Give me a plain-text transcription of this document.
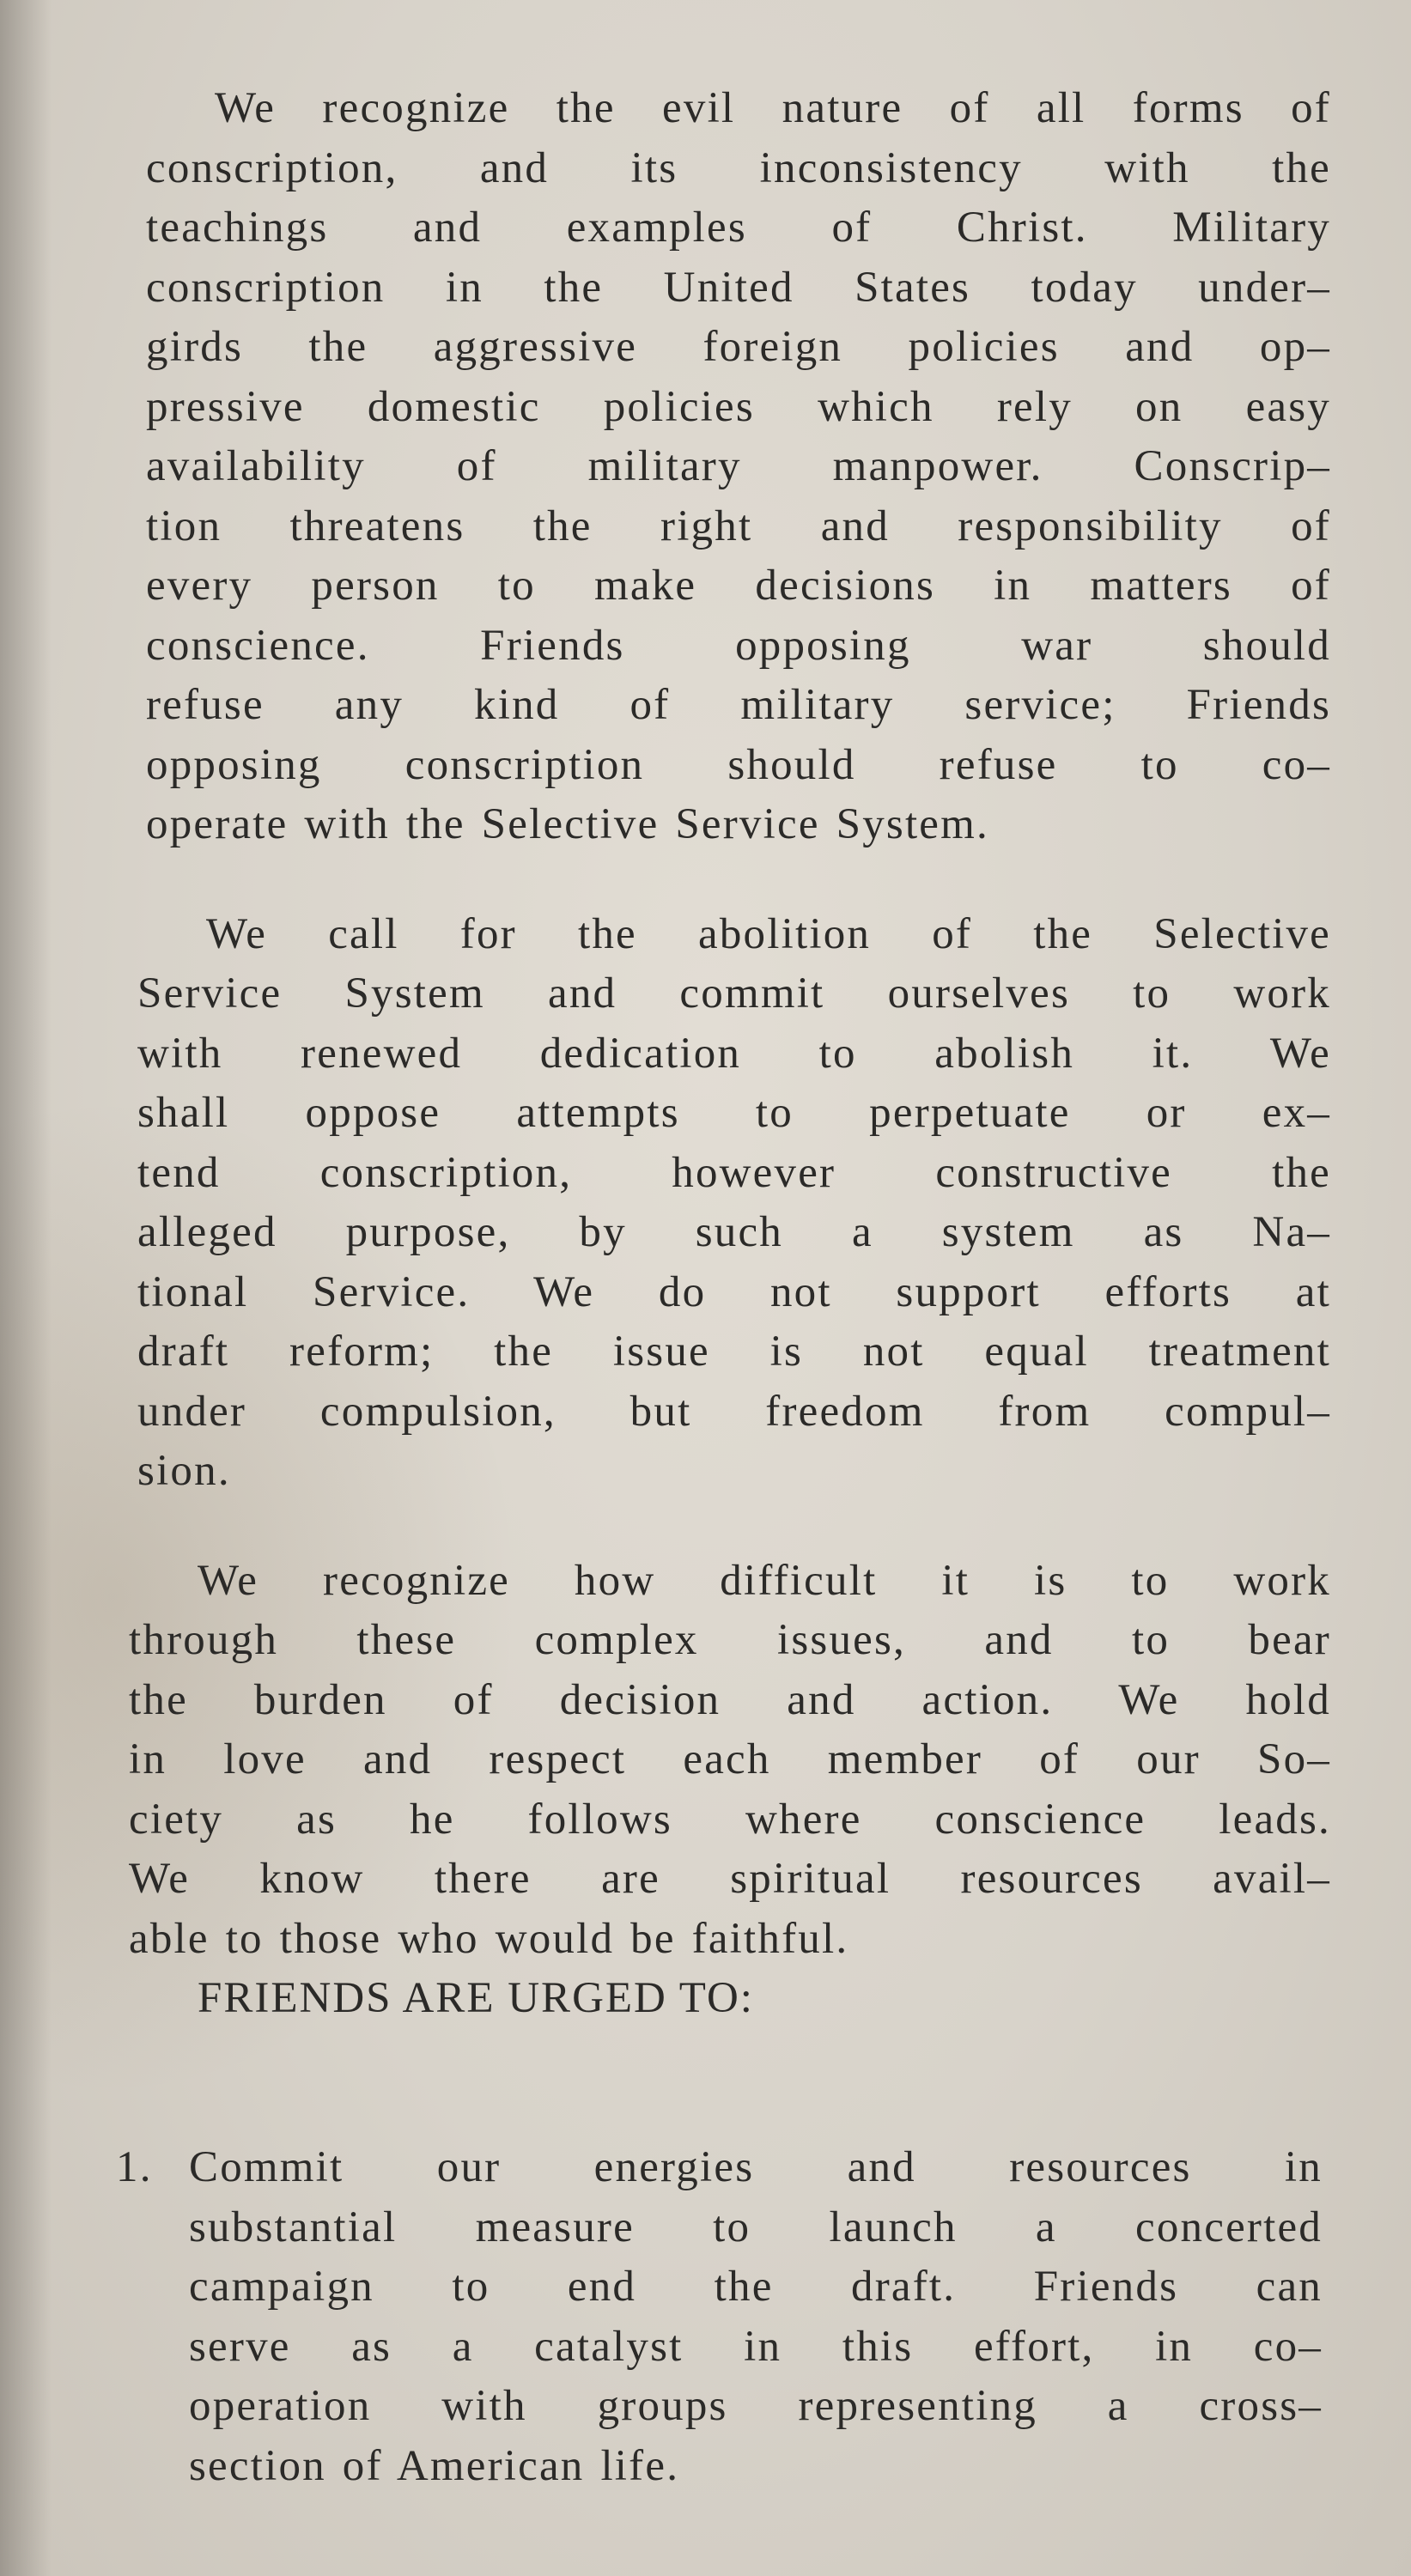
We recognize the evil nature of all forms of
conscription, and its inconsistency with the
teachings and examples of Christ. Military
conscription in the United States today under–
girds the aggressive foreign policies and op–
pressive domestic policies which rely on easy
availability of military manpower. Conscrip–
tion threatens the right and responsibility of
every person to make decisions in matters of
conscience. Friends opposing war should
refuse any kind of military service; Friends
opposing conscription should refuse to co–
operate with the Selective Service System.

We call for the abolition of the Selective
Service System and commit ourselves to work
with renewed dedication to abolish it. We
shall oppose attempts to perpetuate or ex–
tend conscription, however constructive the
alleged purpose, by such a system as Na–
tional Service. We do not support efforts at
draft reform; the issue is not equal treatment
under compulsion, but freedom from compul–
sion.

We recognize how difficult it is to work
through these complex issues, and to bear
the burden of decision and action. We hold
in love and respect each member of our So–
ciety as he follows where conscience leads.
We know there are spiritual resources avail–
able to those who would be faithful.

FRIENDS ARE URGED TO:
1. Commit our energies and resources in
substantial measure to launch a concerted
campaign to end the draft. Friends can
serve as a catalyst in this effort, in co–
operation with groups representing a cross–
section of American life.
